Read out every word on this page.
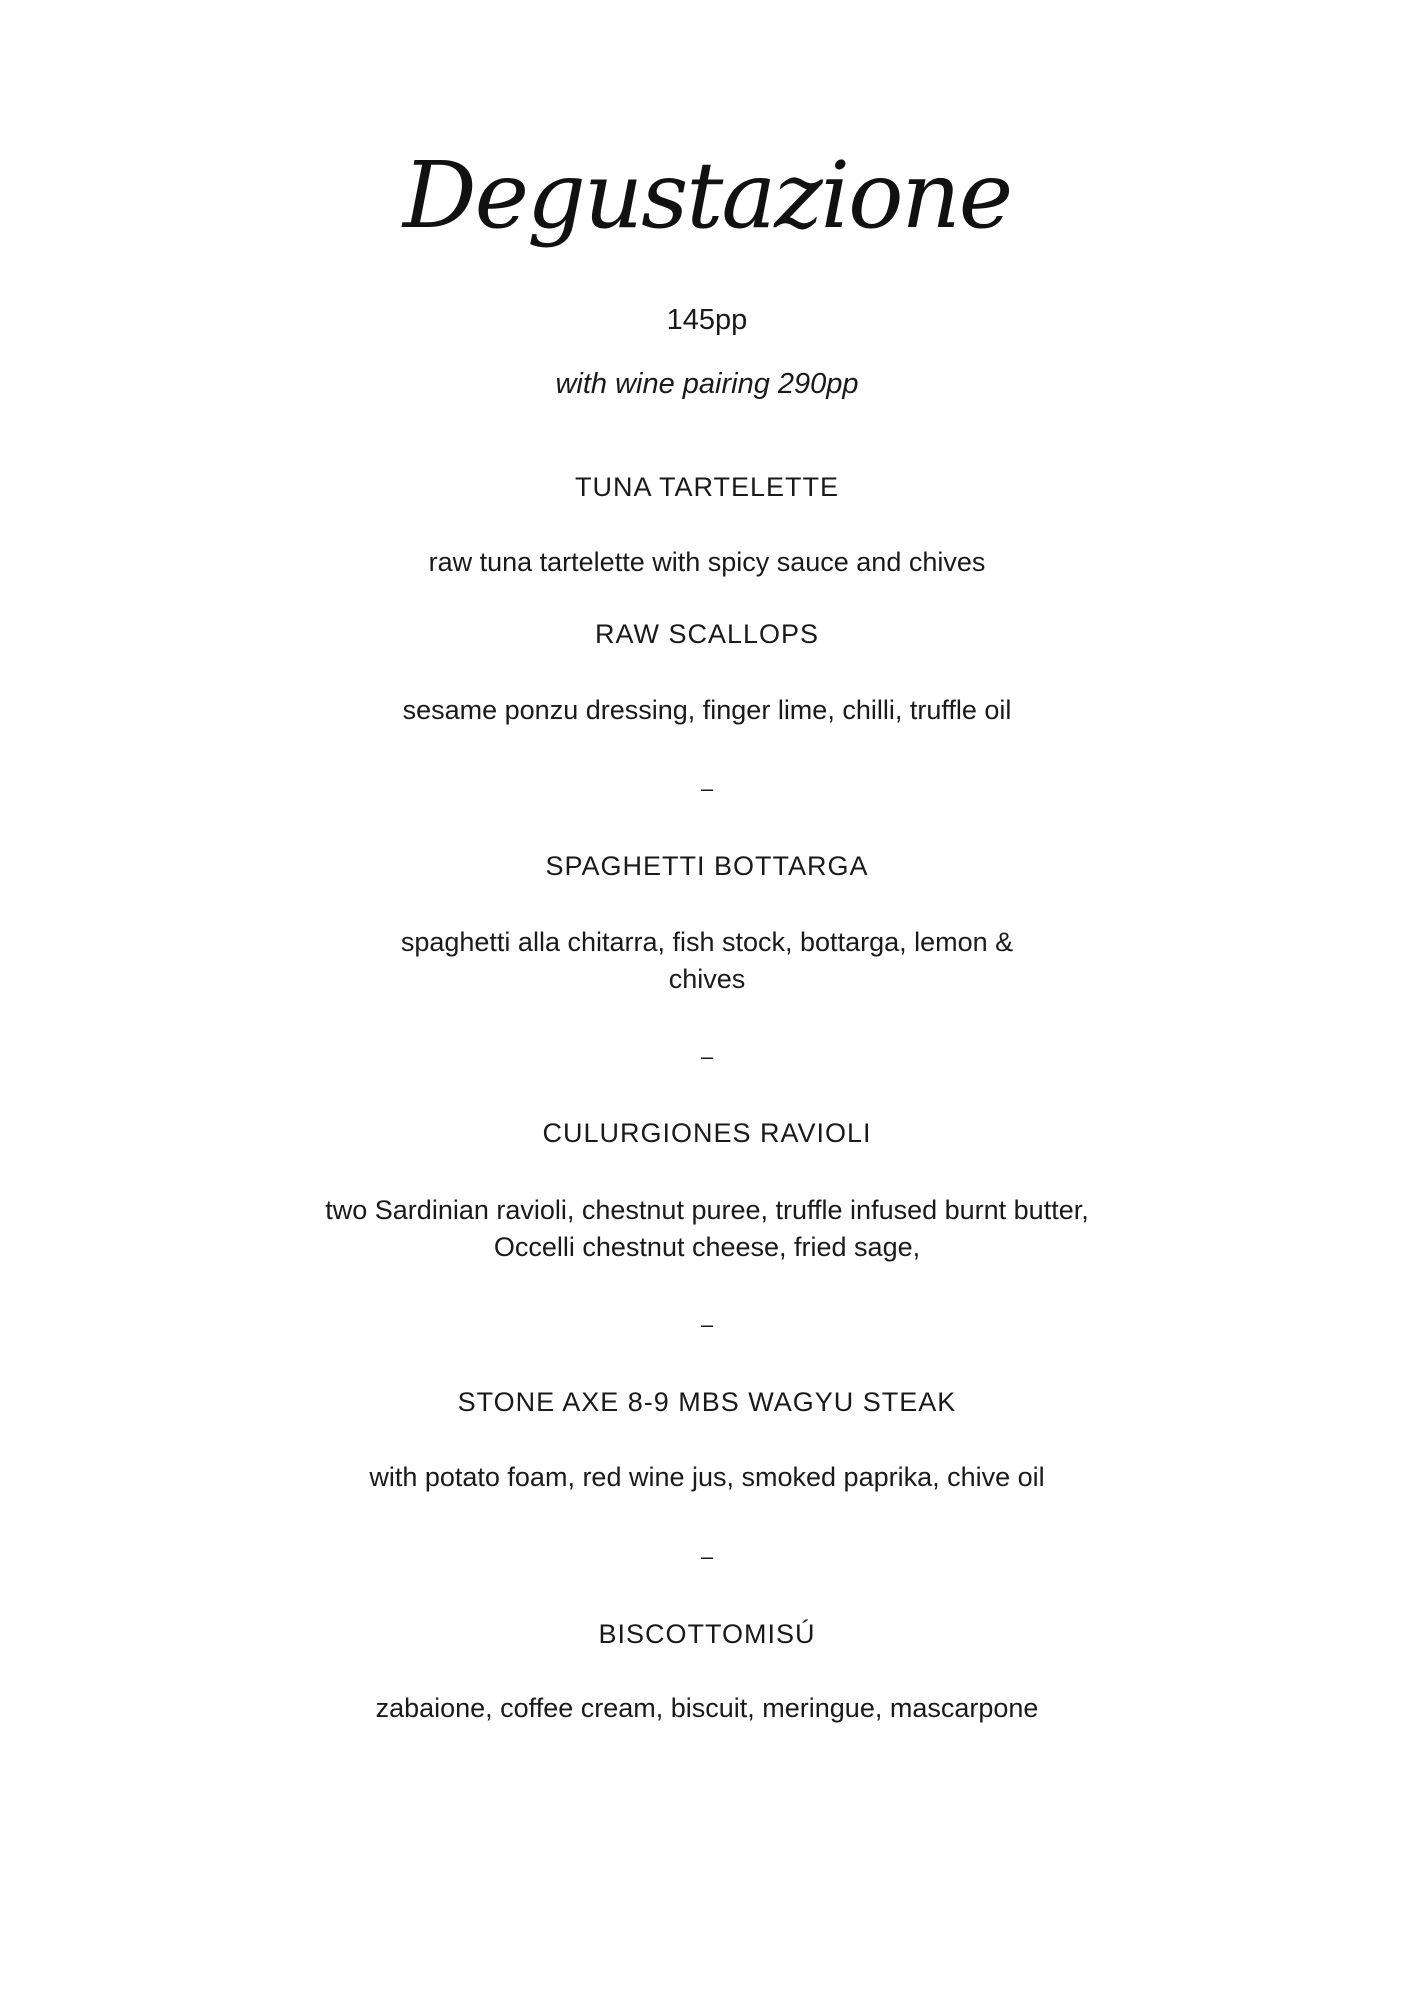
Degustazione
145pp
with wine pairing 290pp
TUNA TARTELETTE
raw tuna tartelette with spicy sauce and chives
RAW SCALLOPS
sesame ponzu dressing, finger lime, chilli, truffle oil
–
SPAGHETTI BOTTARGA
spaghetti alla chitarra, fish stock, bottarga, lemon & chives
–
CULURGIONES RAVIOLI
two Sardinian ravioli, chestnut puree, truffle infused burnt butter, Occelli chestnut cheese, fried sage,
–
STONE AXE 8-9 MBS WAGYU STEAK
with potato foam, red wine jus, smoked paprika, chive oil
–
BISCOTTOMISÚ
zabaione, coffee cream, biscuit, meringue, mascarpone
